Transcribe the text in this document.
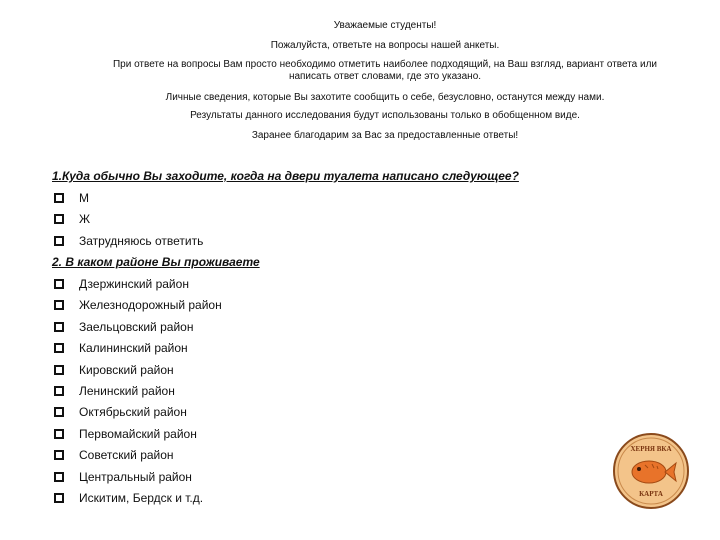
Уважаемые студенты!
Пожалуйста, ответьте на вопросы нашей анкеты.
При ответе на вопросы Вам просто необходимо отметить наиболее подходящий, на Ваш взгляд, вариант ответа или
написать ответ словами, где это указано.
Личные сведения, которые Вы захотите сообщить о себе, безусловно, останутся между нами.
Результаты данного исследования будут использованы только в обобщенном виде.
Заранее благодарим за Вас за предоставленные ответы!
1.Куда обычно Вы заходите, когда на двери туалета написано следующее?
М
Ж
Затрудняюсь ответить
2. В каком районе Вы проживаете
Дзержинский район
Железнодорожный район
Заельцовский район
Калининский район
Кировский район
Ленинский район
Октябрьский район
Первомайский район
Советский район
Центральный район
Искитим, Бердск и т.д.
ХЕРНЯ ВКА
КАРТА
